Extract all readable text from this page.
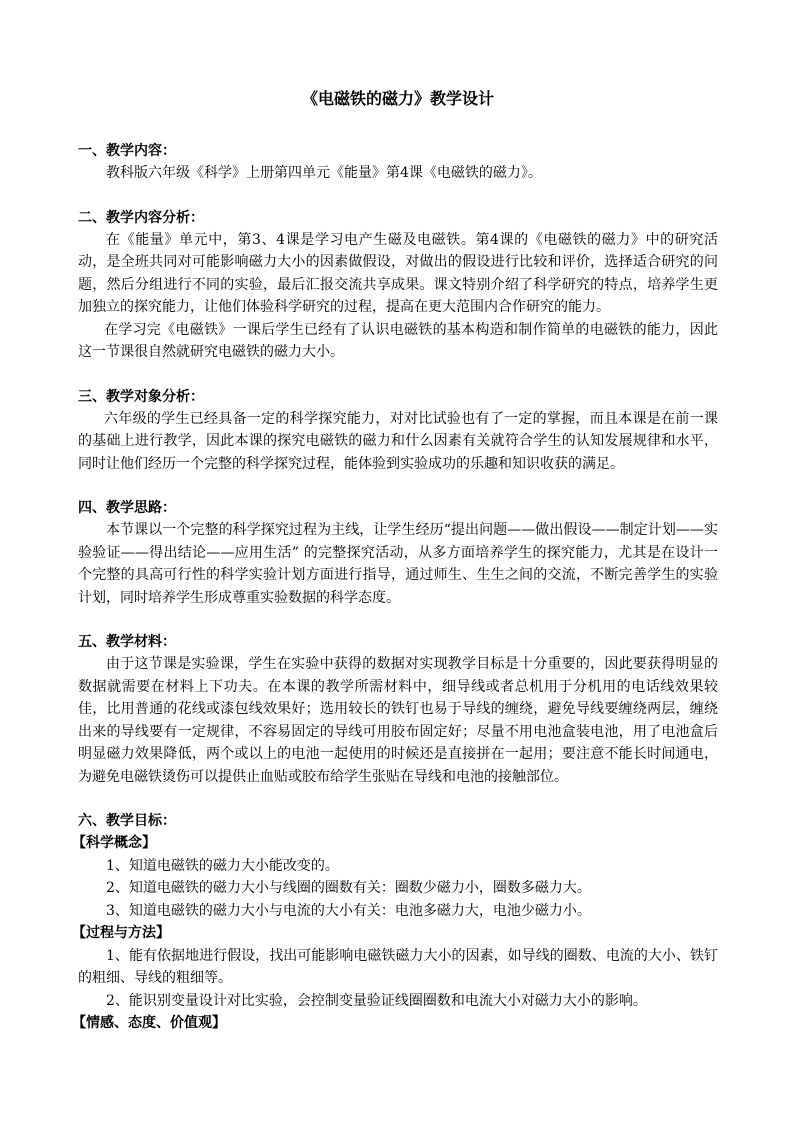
《电磁铁的磁力》教学设计
一、教学内容：

教科版六年级《科学》上册第四单元《能量》第4课《电磁铁的磁力》。

二、教学内容分析：

在《能量》单元中，第3、4课是学习电产生磁及电磁铁。第4课的《电磁铁的磁力》中的研究活动，是全班共同对可能影响磁力大小的因素做假设，对做出的假设进行比较和评价，选择适合研究的问题，然后分组进行不同的实验，最后汇报交流共享成果。课文特别介绍了科学研究的特点，培养学生更加独立的探究能力，让他们体验科学研究的过程，提高在更大范围内合作研究的能力。

在学习完《电磁铁》一课后学生已经有了认识电磁铁的基本构造和制作简单的电磁铁的能力，因此这一节课很自然就研究电磁铁的磁力大小。

三、教学对象分析：

六年级的学生已经具备一定的科学探究能力，对对比试验也有了一定的掌握，而且本课是在前一课的基础上进行教学，因此本课的探究电磁铁的磁力和什么因素有关就符合学生的认知发展规律和水平，同时让他们经历一个完整的科学探究过程，能体验到实验成功的乐趣和知识收获的满足。

四、教学思路：

本节课以一个完整的科学探究过程为主线，让学生经历“提出问题——做出假设——制定计划——实验验证——得出结论——应用生活” 的完整探究活动，从多方面培养学生的探究能力，尤其是在设计一个完整的具高可行性的科学实验计划方面进行指导，通过师生、生生之间的交流，不断完善学生的实验计划，同时培养学生形成尊重实验数据的科学态度。

五、教学材料：

由于这节课是实验课，学生在实验中获得的数据对实现教学目标是十分重要的，因此要获得明显的数据就需要在材料上下功夫。在本课的教学所需材料中，细导线或者总机用于分机用的电话线效果较佳，比用普通的花线或漆包线效果好；选用较长的铁钉也易于导线的缠绕，避免导线要缠绕两层，缠绕出来的导线要有一定规律，不容易固定的导线可用胶布固定好；尽量不用电池盒装电池，用了电池盒后明显磁力效果降低，两个或以上的电池一起使用的时候还是直接拼在一起用；要注意不能长时间通电，为避免电磁铁烫伤可以提供止血贴或胶布给学生张贴在导线和电池的接触部位。

六、教学目标：
【科学概念】

1、知道电磁铁的磁力大小能改变的。

2、知道电磁铁的磁力大小与线圈的圈数有关：圈数少磁力小，圈数多磁力大。

3、知道电磁铁的磁力大小与电流的大小有关：电池多磁力大，电池少磁力小。

【过程与方法】

1、能有依据地进行假设，找出可能影响电磁铁磁力大小的因素，如导线的圈数、电流的大小、铁钉的粗细、导线的粗细等。

2、能识别变量设计对比实验，会控制变量验证线圈圈数和电流大小对磁力大小的影响。

【情感、态度、价值观】
